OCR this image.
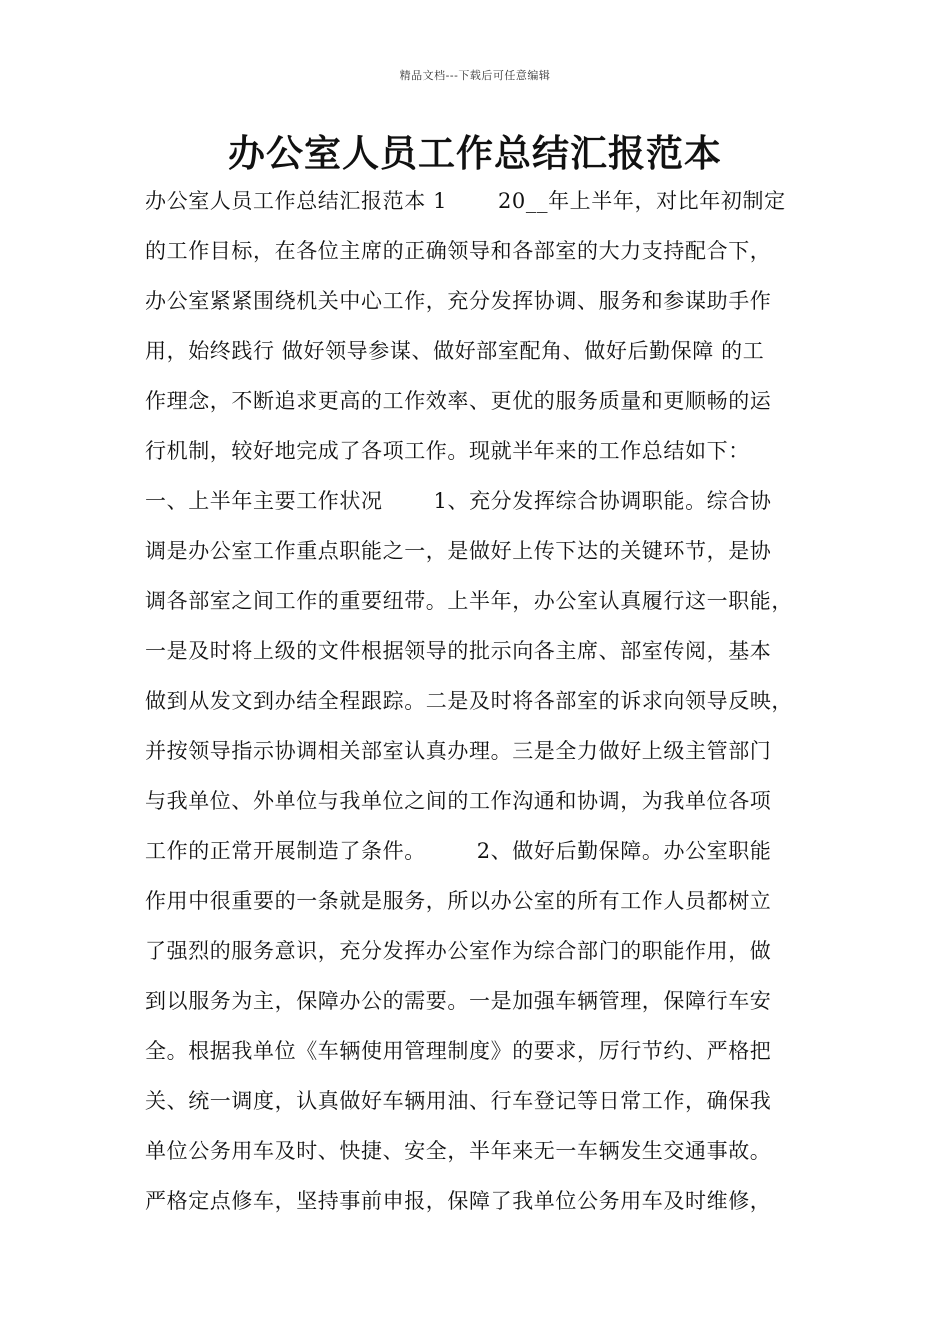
精品文档---下载后可任意编辑
办公室人员工作总结汇报范本
办公室人员工作总结汇报范本 1       20__年上半年，对比年初制定
的工作目标，在各位主席的正确领导和各部室的大力支持配合下，
办公室紧紧围绕机关中心工作，充分发挥协调、服务和参谋助手作
用，始终践行 做好领导参谋、做好部室配角、做好后勤保障 的工
作理念，不断追求更高的工作效率、更优的服务质量和更顺畅的运
行机制，较好地完成了各项工作。现就半年来的工作总结如下：
一、上半年主要工作状况       1、充分发挥综合协调职能。综合协
调是办公室工作重点职能之一，是做好上传下达的关键环节，是协
调各部室之间工作的重要纽带。上半年，办公室认真履行这一职能，
一是及时将上级的文件根据领导的批示向各主席、部室传阅，基本
做到从发文到办结全程跟踪。二是及时将各部室的诉求向领导反映，
并按领导指示协调相关部室认真办理。三是全力做好上级主管部门
与我单位、外单位与我单位之间的工作沟通和协调，为我单位各项
工作的正常开展制造了条件。       2、做好后勤保障。办公室职能
作用中很重要的一条就是服务，所以办公室的所有工作人员都树立
了强烈的服务意识，充分发挥办公室作为综合部门的职能作用，做
到以服务为主，保障办公的需要。一是加强车辆管理，保障行车安
全。根据我单位《车辆使用管理制度》的要求，厉行节约、严格把
关、统一调度，认真做好车辆用油、行车登记等日常工作，确保我
单位公务用车及时、快捷、安全，半年来无一车辆发生交通事故。
严格定点修车，坚持事前申报，保障了我单位公务用车及时维修，
